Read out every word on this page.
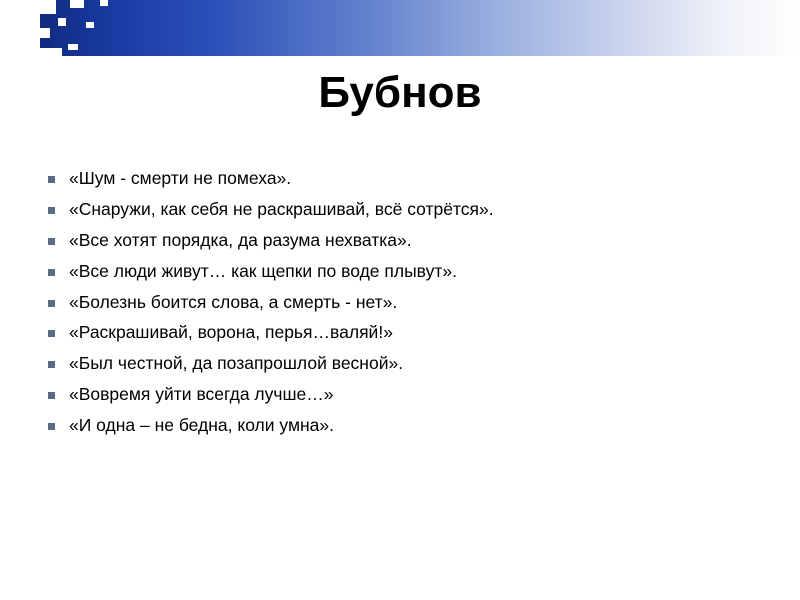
Бубнов
«Шум - смерти не помеха».
«Снаружи, как себя не раскрашивай, всё сотрётся».
«Все хотят порядка, да разума нехватка».
«Все люди живут… как щепки по воде плывут».
«Болезнь боится слова, а смерть - нет».
«Раскрашивай, ворона, перья…валяй!»
«Был честной, да позапрошлой весной».
«Вовремя уйти всегда лучше…»
«И одна – не бедна, коли умна».
